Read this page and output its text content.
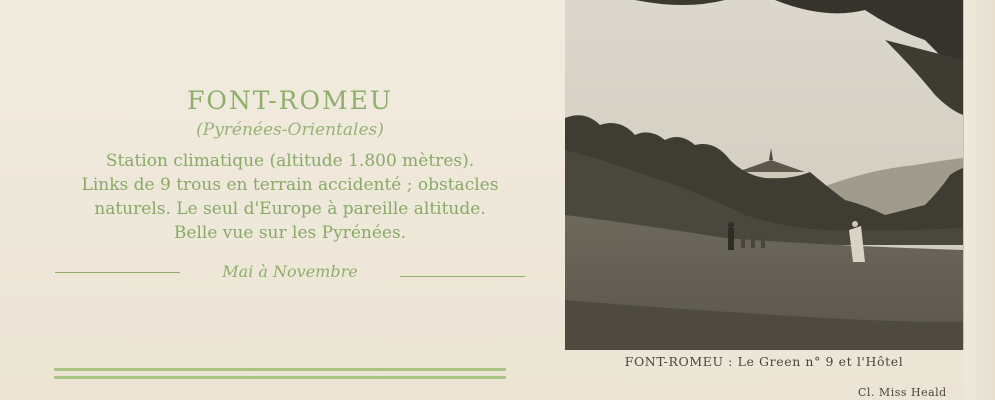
FONT-ROMEU
(Pyrénées-Orientales)
Station climatique (altitude 1.800 mètres).
Links de 9 trous en terrain accidenté ; obstacles
naturels. Le seul d'Europe à pareille altitude.
Belle vue sur les Pyrénées.
Mai à Novembre
FONT-ROMEU : Le Green n° 9 et l'Hôtel
Cl. Miss Heald
